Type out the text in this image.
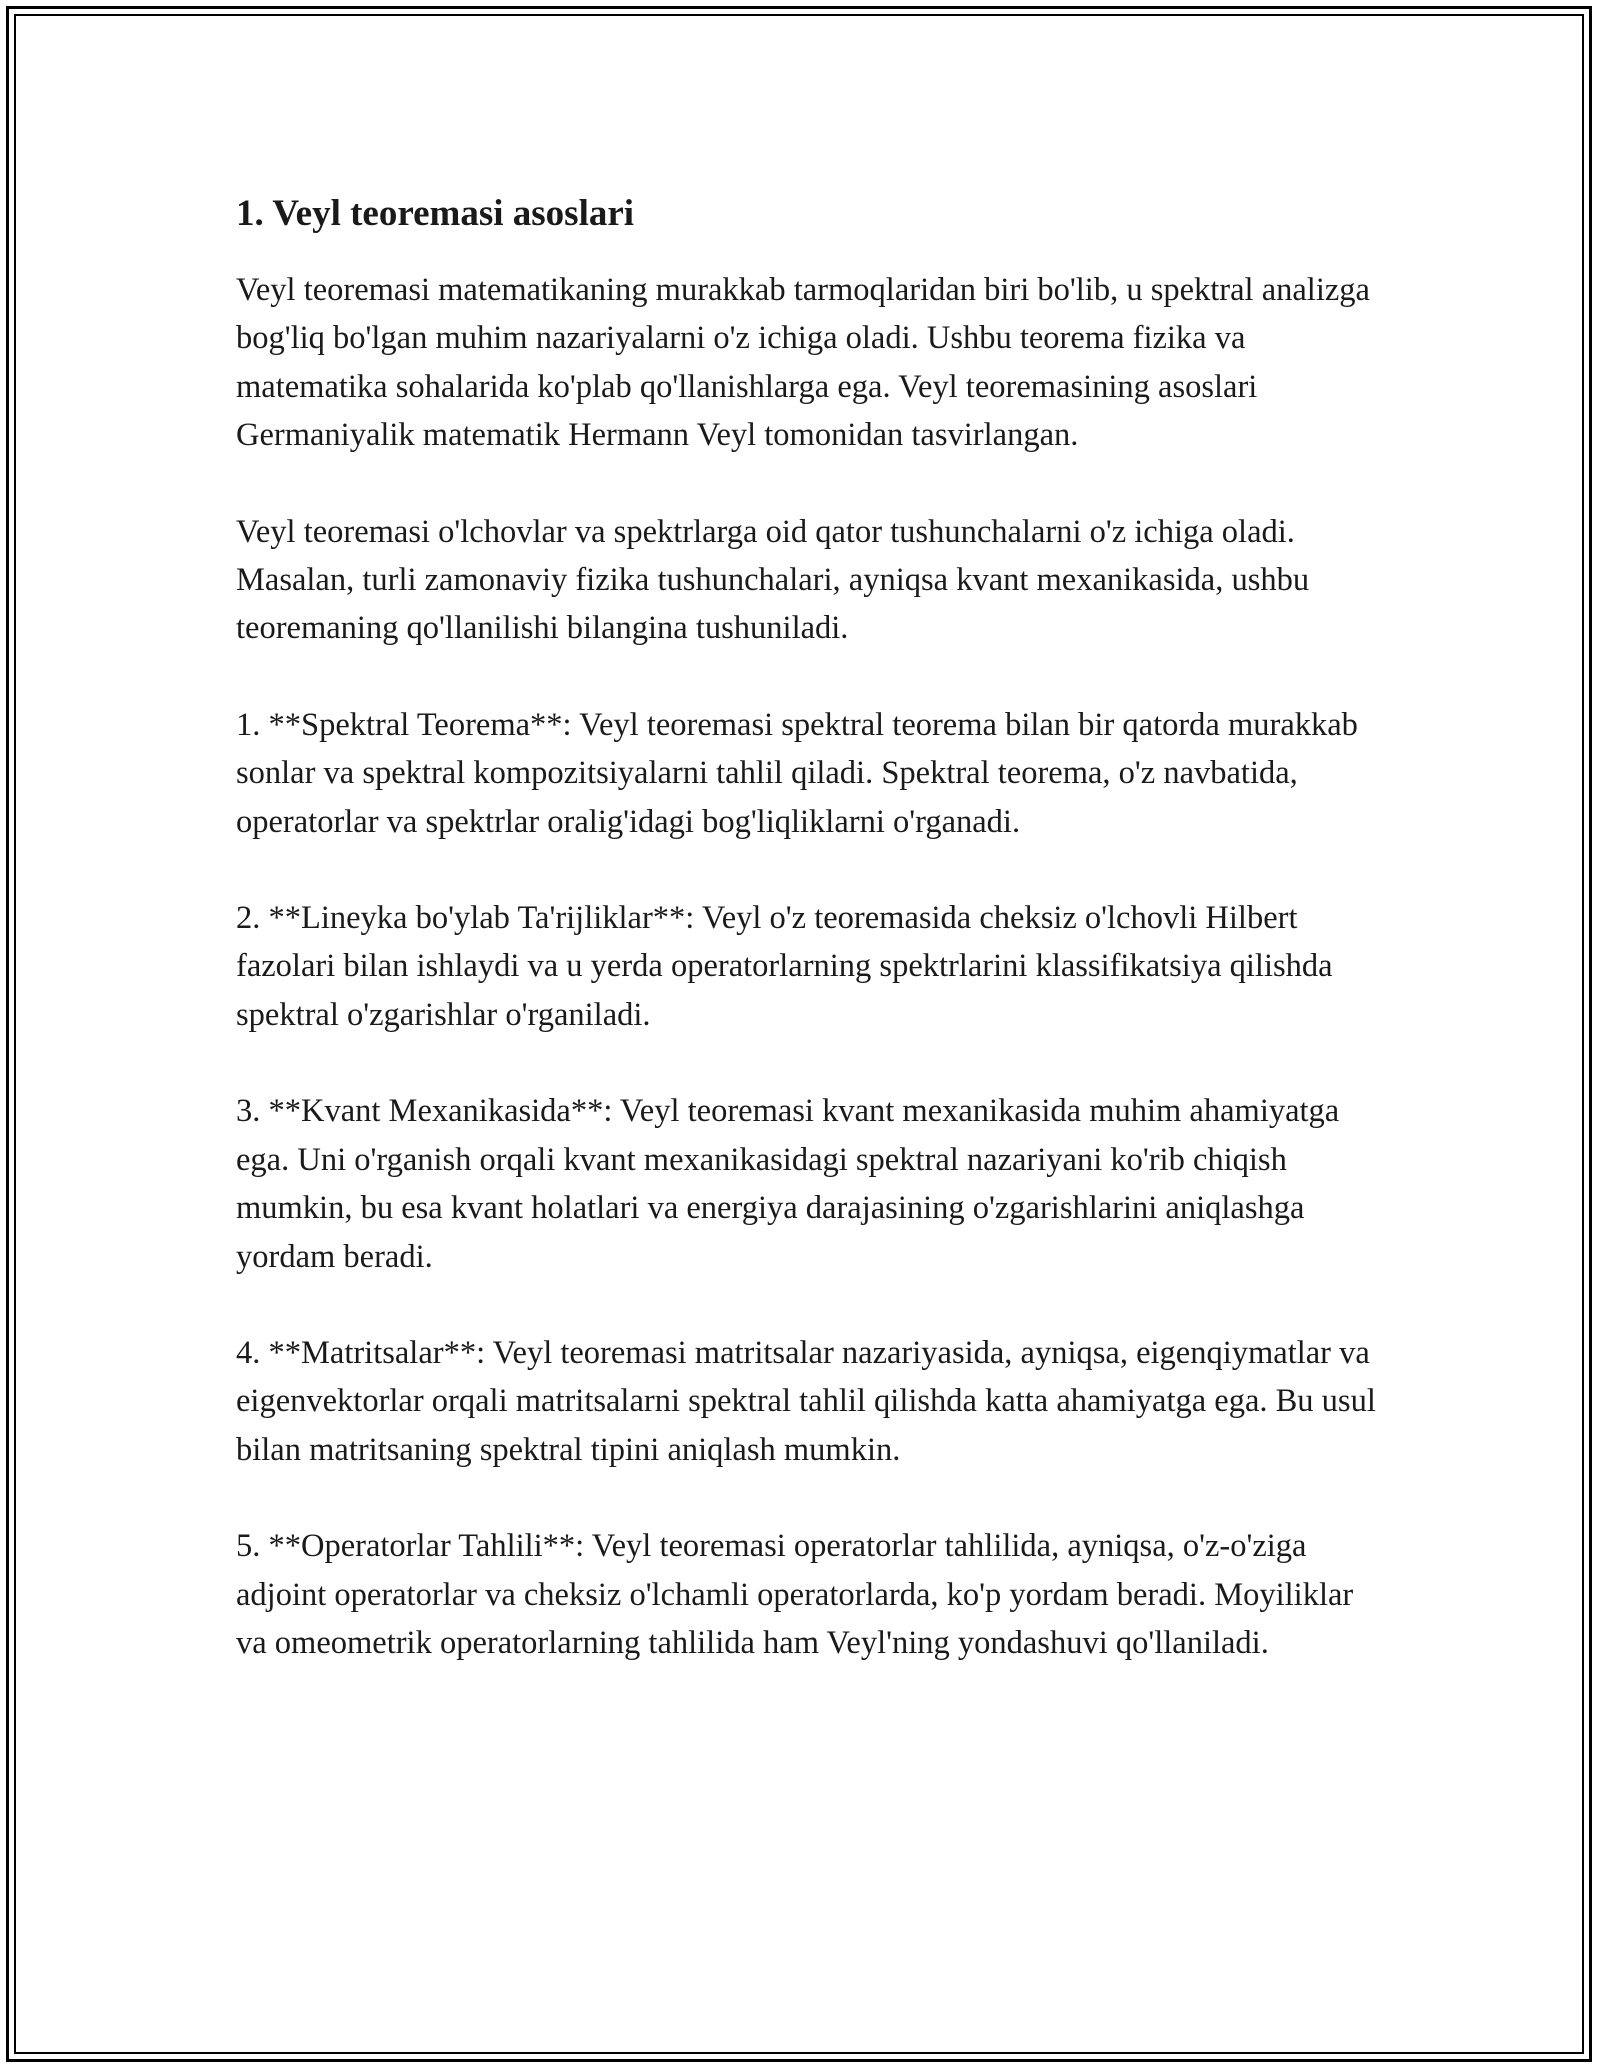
1. Veyl teoremasi asoslari

Veyl teoremasi matematikaning murakkab tarmoqlaridan biri bo'lib, u spektral analizga bog'liq bo'lgan muhim nazariyalarni o'z ichiga oladi. Ushbu teorema fizika va matematika sohalarida ko'plab qo'llanishlarga ega. Veyl teoremasining asoslari Germaniyalik matematik Hermann Veyl tomonidan tasvirlangan.

Veyl teoremasi o'lchovlar va spektrlarga oid qator tushunchalarni o'z ichiga oladi. Masalan, turli zamonaviy fizika tushunchalari, ayniqsa kvant mexanikasida, ushbu teoremaning qo'llanilishi bilangina tushuniladi.

1. **Spektral Teorema**: Veyl teoremasi spektral teorema bilan bir qatorda murakkab sonlar va spektral kompozitsiyalarni tahlil qiladi. Spektral teorema, o'z navbatida, operatorlar va spektrlar oralig'idagi bog'liqliklarni o'rganadi.

2. **Lineyka bo'ylab Ta'rijliklar**: Veyl o'z teoremasida cheksiz o'lchovli Hilbert fazolari bilan ishlaydi va u yerda operatorlarning spektrlarini klassifikatsiya qilishda spektral o'zgarishlar o'rganiladi.

3. **Kvant Mexanikasida**: Veyl teoremasi kvant mexanikasida muhim ahamiyatga ega. Uni o'rganish orqali kvant mexanikasidagi spektral nazariyani ko'rib chiqish mumkin, bu esa kvant holatlari va energiya darajasining o'zgarishlarini aniqlashga yordam beradi.

4. **Matritsalar**: Veyl teoremasi matritsalar nazariyasida, ayniqsa, eigenqiymatlar va eigenvektorlar orqali matritsalarni spektral tahlil qilishda katta ahamiyatga ega. Bu usul bilan matritsaning spektral tipini aniqlash mumkin.

5. **Operatorlar Tahlili**: Veyl teoremasi operatorlar tahlilida, ayniqsa, o'z-o'ziga adjoint operatorlar va cheksiz o'lchamli operatorlarda, ko'p yordam beradi. Moyiliklar va omeometrik operatorlarning tahlilida ham Veyl'ning yondashuvi qo'llaniladi.
